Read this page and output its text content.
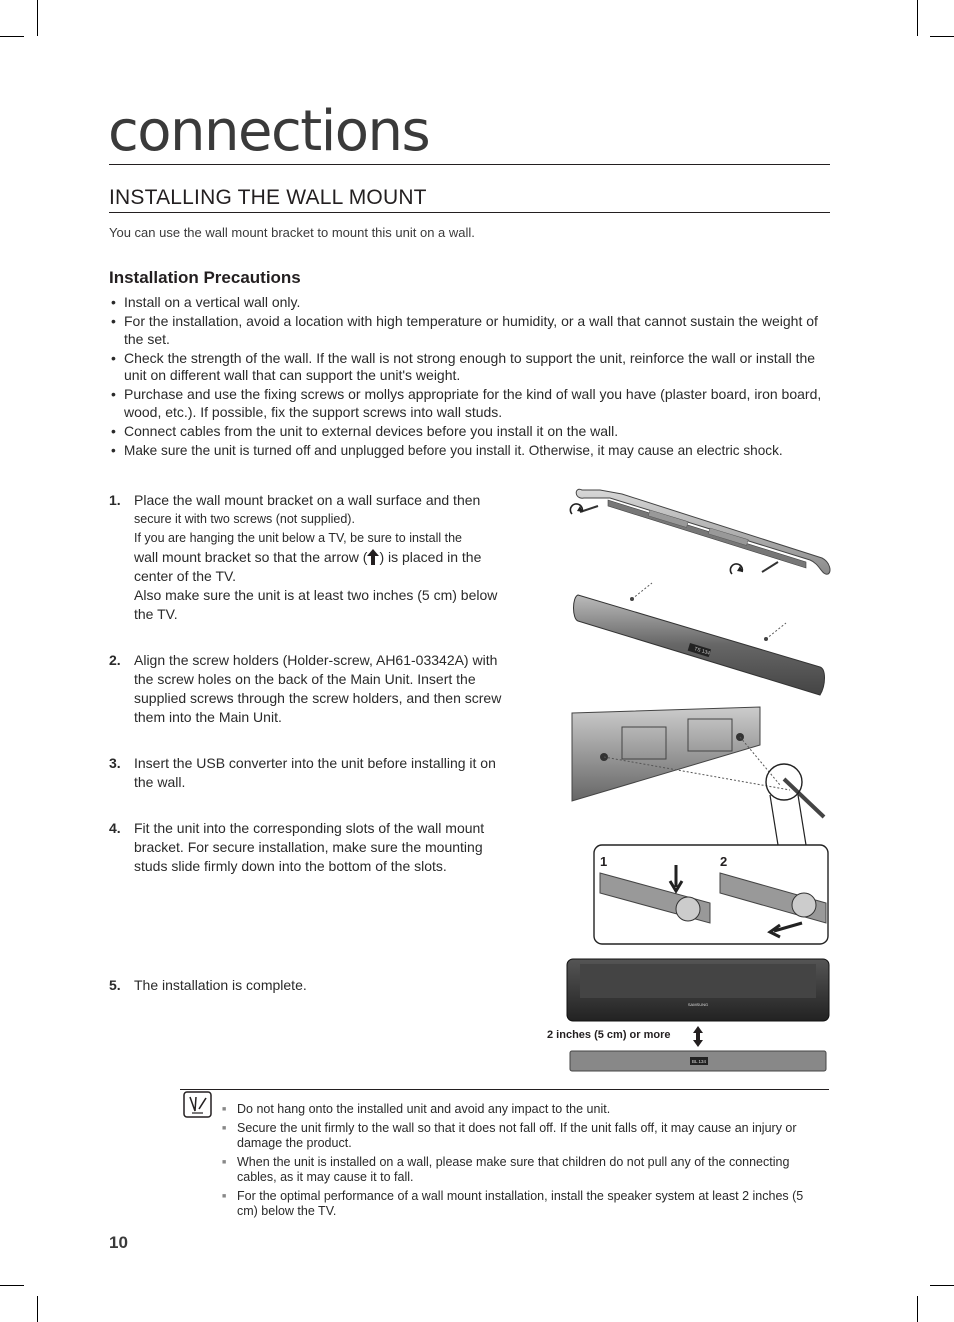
connections
INSTALLING THE WALL MOUNT
You can use the wall mount bracket to mount this unit on a wall.
Installation Precautions
• Install on a vertical wall only.
• For the installation, avoid a location with high temperature or humidity, or a wall that cannot sustain the weight of the set.
• Check the strength of the wall. If the wall is not strong enough to support the unit, reinforce the wall or install the unit on different wall that can support the unit's weight.
• Purchase and use the fixing screws or mollys appropriate for the kind of wall you have (plaster board, iron board, wood, etc.). If possible, fix the support screws into wall studs.
• Connect cables from the unit to external devices before you install it on the wall.
• Make sure the unit is turned off and unplugged before you install it. Otherwise, it may cause an electric shock.
1. Place the wall mount bracket on a wall surface and then
secure it with two screws (not supplied).
If you are hanging the unit below a TV, be sure to install the
wall mount bracket so that the arrow ( ) is placed in the center of the TV.
Also make sure the unit is at least two inches (5 cm) below the TV.
2. Align the screw holders (Holder-screw, AH61-03342A) with the screw holes on the back of the Main Unit. Insert the supplied screws through the screw holders, and then screw them into the Main Unit.
3. Insert the USB converter into the unit before installing it on the wall.
4. Fit the unit into the corresponding slots of the wall mount bracket. For secure installation, make sure the mounting studs slide firmly down into the bottom of the slots.
5. The installation is complete.
TS 134
1	2
SAMSUNG
BL 134
2 inches (5 cm) or more
■ Do not hang onto the installed unit and avoid any impact to the unit.
■ Secure the unit firmly to the wall so that it does not fall off. If the unit falls off, it may cause an injury or damage the product.
■ When the unit is installed on a wall, please make sure that children do not pull any of the connecting cables, as it may cause it to fall.
■ For the optimal performance of a wall mount installation, install the speaker system at least 2 inches (5 cm) below the TV.
10
